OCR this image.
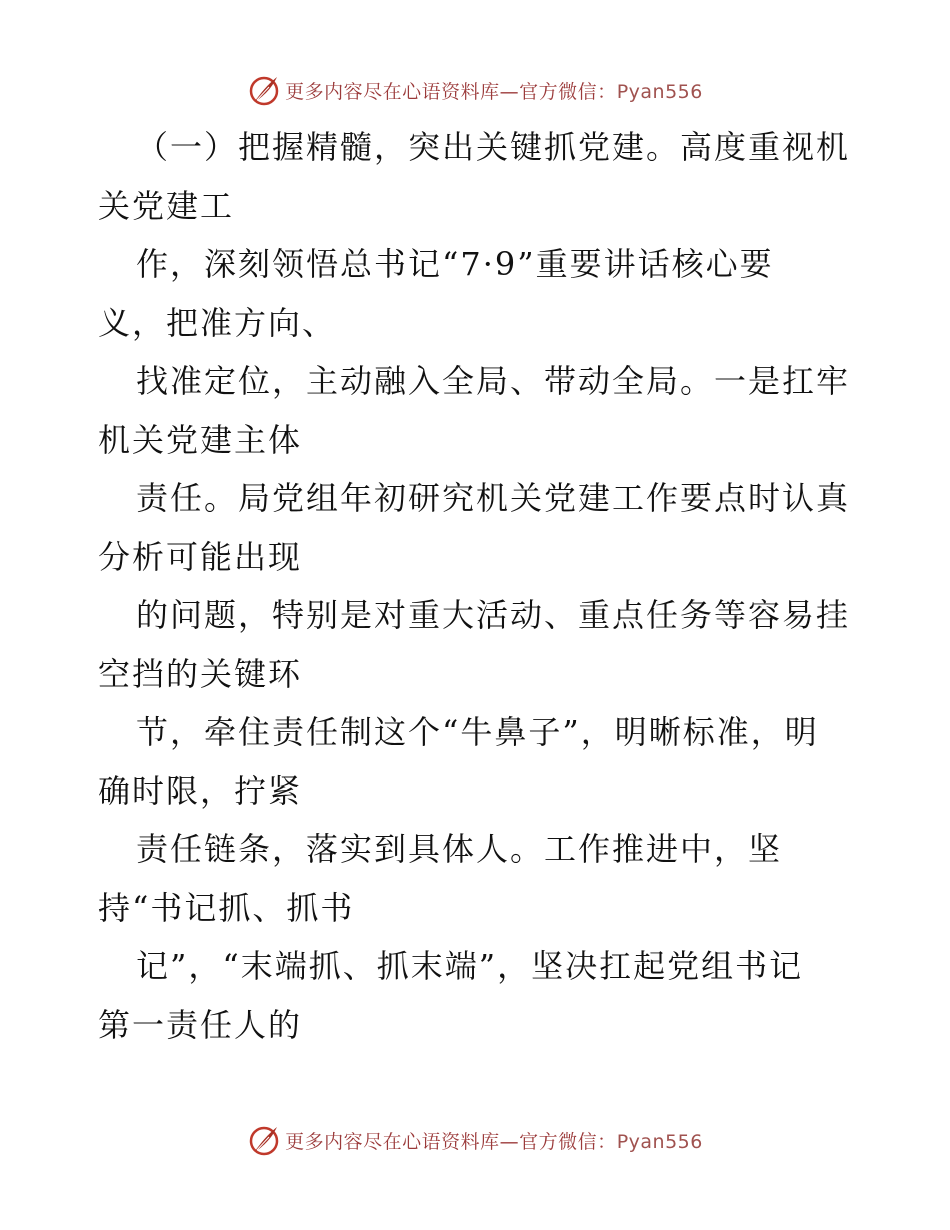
更多内容尽在心语资料库—官方微信：Pyan556
（一）把握精髓，突出关键抓党建。高度重视机
关党建工
作，深刻领悟总书记“7·9”重要讲话核心要
义，把准方向、
找准定位，主动融入全局、带动全局。一是扛牢
机关党建主体
责任。局党组年初研究机关党建工作要点时认真
分析可能出现
的问题，特别是对重大活动、重点任务等容易挂
空挡的关键环
节，牵住责任制这个“牛鼻子”，明晰标准，明
确时限，拧紧
责任链条，落实到具体人。工作推进中，坚
持“书记抓、抓书
记”，“末端抓、抓末端”，坚决扛起党组书记
第一责任人的
更多内容尽在心语资料库—官方微信：Pyan556
